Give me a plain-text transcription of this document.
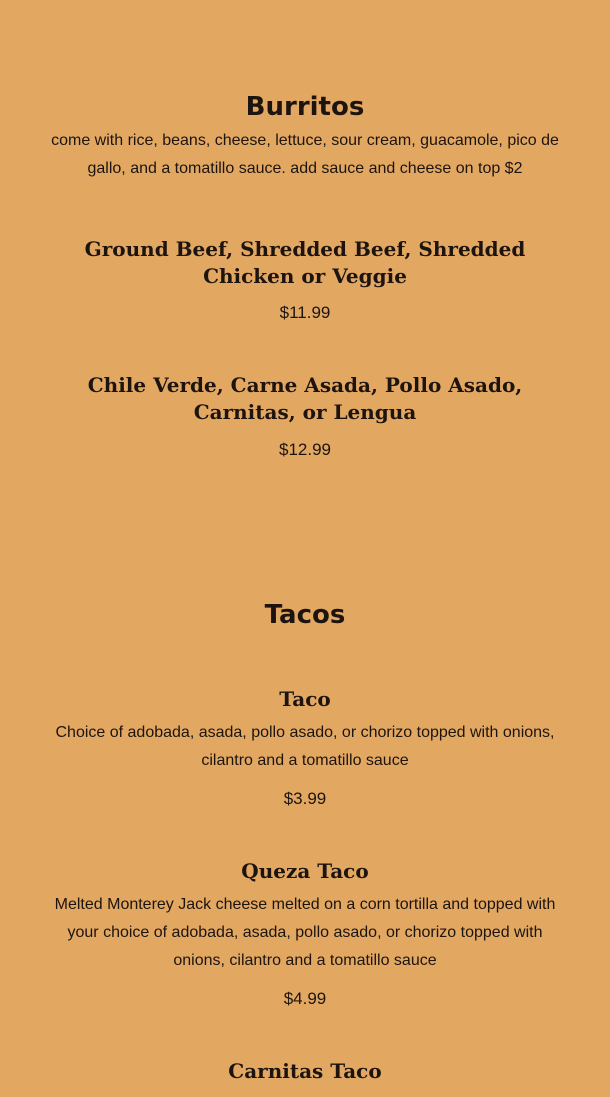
Burritos

come with rice, beans, cheese, lettuce, sour cream, guacamole, pico de gallo, and a tomatillo sauce. add sauce and cheese on top $2

Ground Beef, Shredded Beef, Shredded Chicken or Veggie

$11.99

Chile Verde, Carne Asada, Pollo Asado, Carnitas, or Lengua

$12.99

Tacos
Taco

Choice of adobada, asada, pollo asado, or chorizo topped with onions, cilantro and a tomatillo sauce

$3.99

Queza Taco

Melted Monterey Jack cheese melted on a corn tortilla and topped with your choice of adobada, asada, pollo asado, or chorizo topped with onions, cilantro and a tomatillo sauce

$4.99

Carnitas Taco
